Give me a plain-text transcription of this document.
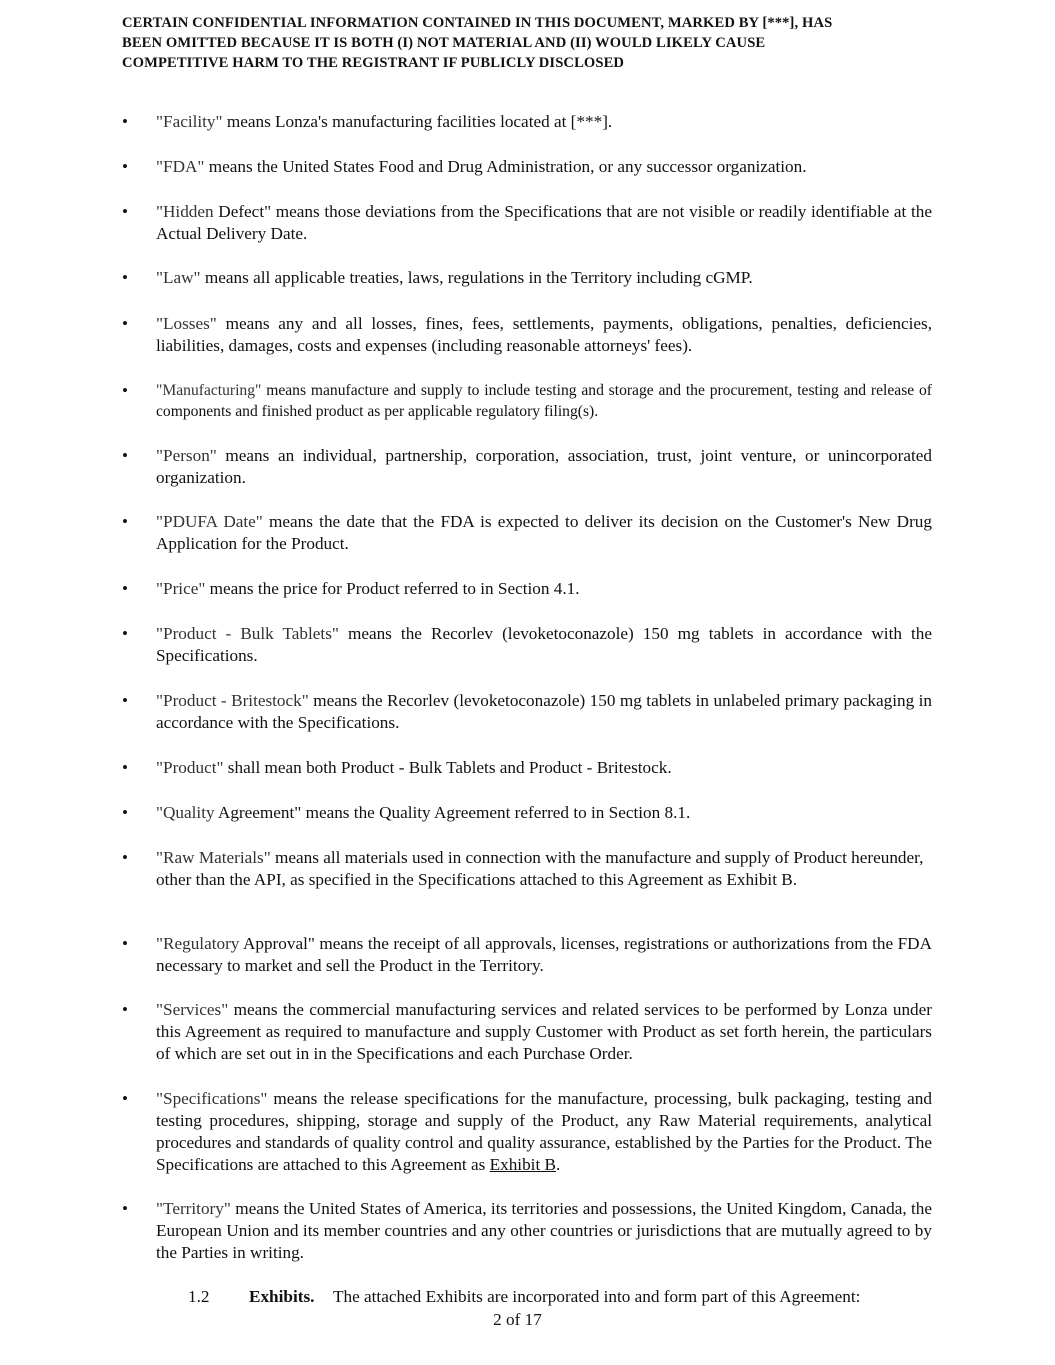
CERTAIN CONFIDENTIAL INFORMATION CONTAINED IN THIS DOCUMENT, MARKED BY [***], HAS
BEEN OMITTED BECAUSE IT IS BOTH (I) NOT MATERIAL AND (II) WOULD LIKELY CAUSE
COMPETITIVE HARM TO THE REGISTRANT IF PUBLICLY DISCLOSED
• "Facility" means Lonza's manufacturing facilities located at [***].
• "FDA" means the United States Food and Drug Administration, or any successor organization.
• "Hidden Defect" means those deviations from the Specifications that are not visible or readily identifiable at the Actual Delivery Date.
• "Law" means all applicable treaties, laws, regulations in the Territory including cGMP.
• "Losses" means any and all losses, fines, fees, settlements, payments, obligations, penalties, deficiencies, liabilities, damages, costs and expenses (including reasonable attorneys' fees).
• "Manufacturing" means manufacture and supply to include testing and storage and the procurement, testing and release of components and finished product as per applicable regulatory filing(s).
• "Person" means an individual, partnership, corporation, association, trust, joint venture, or unincorporated organization.
• "PDUFA Date" means the date that the FDA is expected to deliver its decision on the Customer's New Drug Application for the Product.
• "Price" means the price for Product referred to in Section 4.1.
• "Product - Bulk Tablets" means the Recorlev (levoketoconazole) 150 mg tablets in accordance with the Specifications.
• "Product - Britestock" means the Recorlev (levoketoconazole) 150 mg tablets in unlabeled primary packaging in accordance with the Specifications.
• "Product" shall mean both Product - Bulk Tablets and Product - Britestock.
• "Quality Agreement" means the Quality Agreement referred to in Section 8.1.
• "Raw Materials" means all materials used in connection with the manufacture and supply of Product hereunder, other than the API, as specified in the Specifications attached to this Agreement as Exhibit B.
• "Regulatory Approval" means the receipt of all approvals, licenses, registrations or authorizations from the FDA necessary to market and sell the Product in the Territory.
• "Services" means the commercial manufacturing services and related services to be performed by Lonza under this Agreement as required to manufacture and supply Customer with Product as set forth herein, the particulars of which are set out in in the Specifications and each Purchase Order.
• "Specifications" means the release specifications for the manufacture, processing, bulk packaging, testing and testing procedures, shipping, storage and supply of the Product, any Raw Material requirements, analytical procedures and standards of quality control and quality assurance, established by the Parties for the Product. The Specifications are attached to this Agreement as Exhibit B.
• "Territory" means the United States of America, its territories and possessions, the United Kingdom, Canada, the European Union and its member countries and any other countries or jurisdictions that are mutually agreed to by the Parties in writing.
1.2 Exhibits. The attached Exhibits are incorporated into and form part of this Agreement:
2 of 17
